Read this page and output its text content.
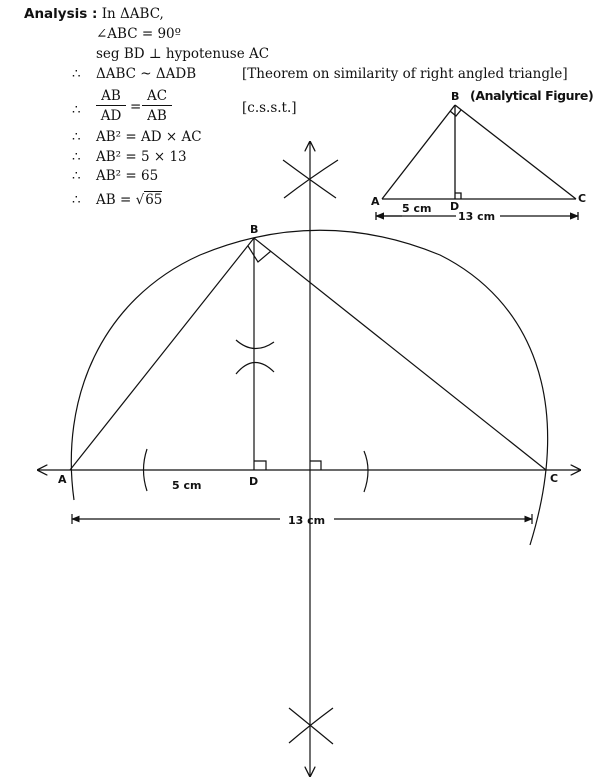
Analysis : In ΔABC,
∠ABC = 90º
seg BD ⊥ hypotenuse AC
∴ ΔABC ~ ΔADB	[Theorem on similarity of right angled triangle]
∴ $\frac{AB}{AD} = \frac{AC}{AB}$	[c.s.s.t.]
∴ AB² = AD × AC
∴ AB² = 5 × 13
∴ AB² = 65
∴ AB = √65	A
B
C
D
(Analytical Figure)
5 cm
13 cm
A
B
C
D
5 cm
13 cm
